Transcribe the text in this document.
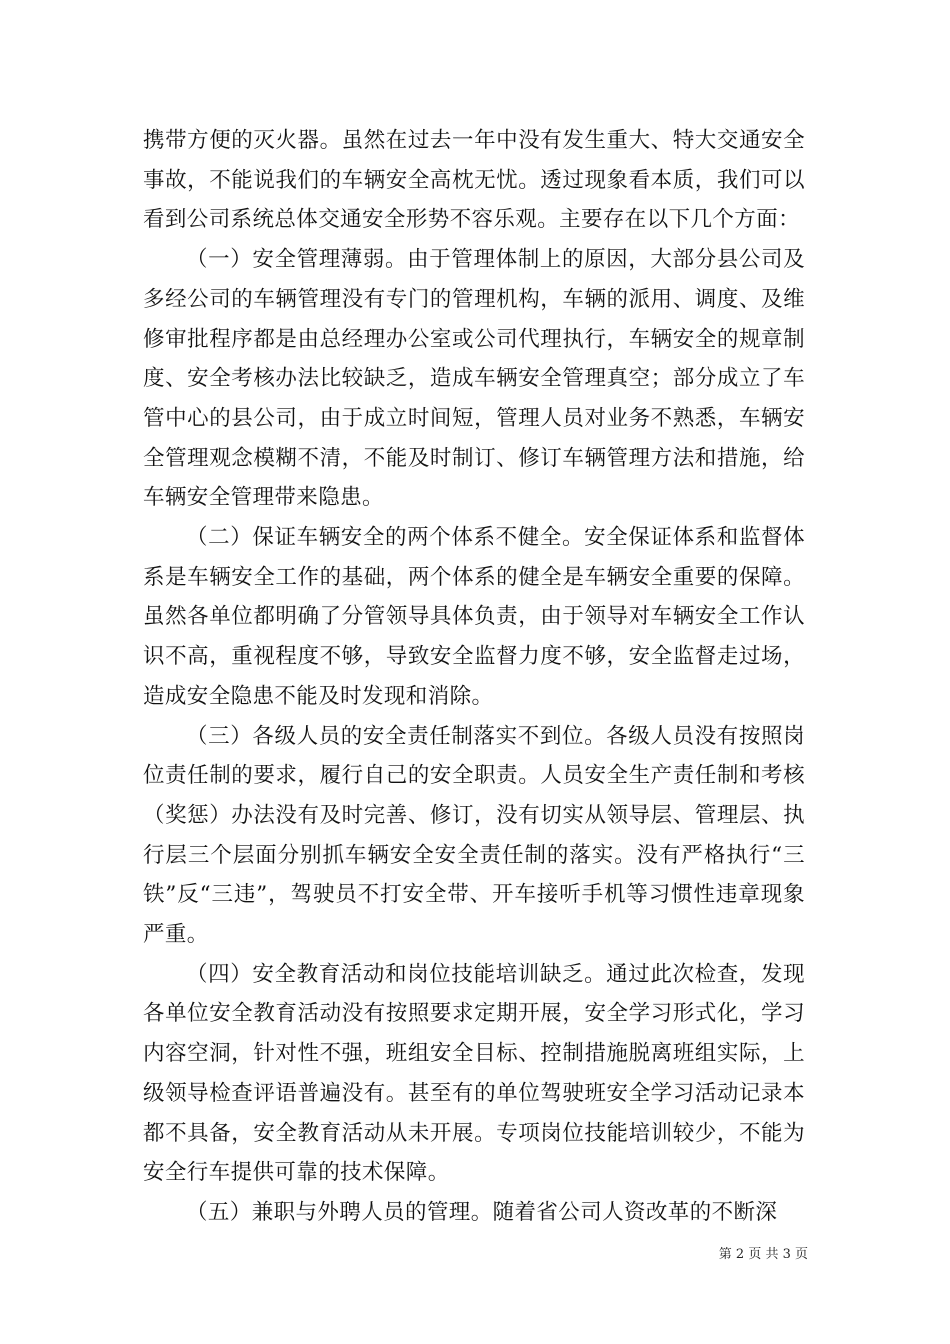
携带方便的灭火器。虽然在过去一年中没有发生重大、特大交通安全事故，不能说我们的车辆安全高枕无忧。透过现象看本质，我们可以看到公司系统总体交通安全形势不容乐观。主要存在以下几个方面：

（一）安全管理薄弱。由于管理体制上的原因，大部分县公司及多经公司的车辆管理没有专门的管理机构，车辆的派用、调度、及维修审批程序都是由总经理办公室或公司代理执行，车辆安全的规章制度、安全考核办法比较缺乏，造成车辆安全管理真空；部分成立了车管中心的县公司，由于成立时间短，管理人员对业务不熟悉，车辆安全管理观念模糊不清，不能及时制订、修订车辆管理方法和措施，给车辆安全管理带来隐患。

（二）保证车辆安全的两个体系不健全。安全保证体系和监督体系是车辆安全工作的基础，两个体系的健全是车辆安全重要的保障。虽然各单位都明确了分管领导具体负责，由于领导对车辆安全工作认识不高，重视程度不够，导致安全监督力度不够，安全监督走过场，造成安全隐患不能及时发现和消除。

（三）各级人员的安全责任制落实不到位。各级人员没有按照岗位责任制的要求，履行自己的安全职责。人员安全生产责任制和考核（奖惩）办法没有及时完善、修订，没有切实从领导层、管理层、执行层三个层面分别抓车辆安全安全责任制的落实。没有严格执行“三铁”反“三违”，驾驶员不打安全带、开车接听手机等习惯性违章现象严重。

（四）安全教育活动和岗位技能培训缺乏。通过此次检查，发现各单位安全教育活动没有按照要求定期开展，安全学习形式化，学习内容空洞，针对性不强，班组安全目标、控制措施脱离班组实际，上级领导检查评语普遍没有。甚至有的单位驾驶班安全学习活动记录本都不具备，安全教育活动从未开展。专项岗位技能培训较少，不能为安全行车提供可靠的技术保障。

（五）兼职与外聘人员的管理。随着省公司人资改革的不断深

第 2 页 共 3 页
